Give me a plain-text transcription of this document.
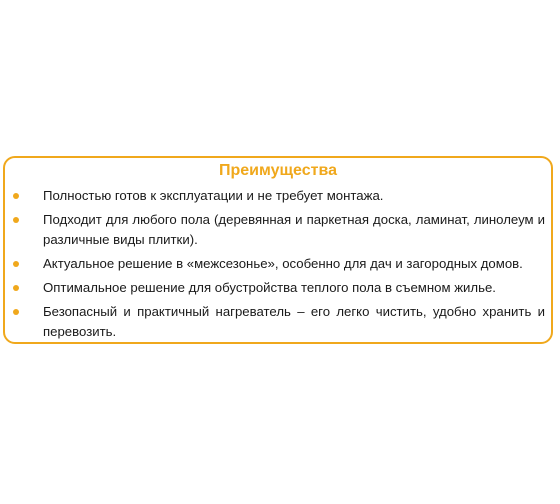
Преимущества
Полностью готов к эксплуатации и не требует монтажа.
Подходит для любого пола (деревянная и паркетная доска, ламинат, линолеум и различные виды плитки).
Актуальное решение в «межсезонье», особенно для дач и загородных домов.
Оптимальное решение для обустройства теплого пола в съемном жилье.
Безопасный и практичный нагреватель – его легко чистить, удобно хранить и перевозить.
